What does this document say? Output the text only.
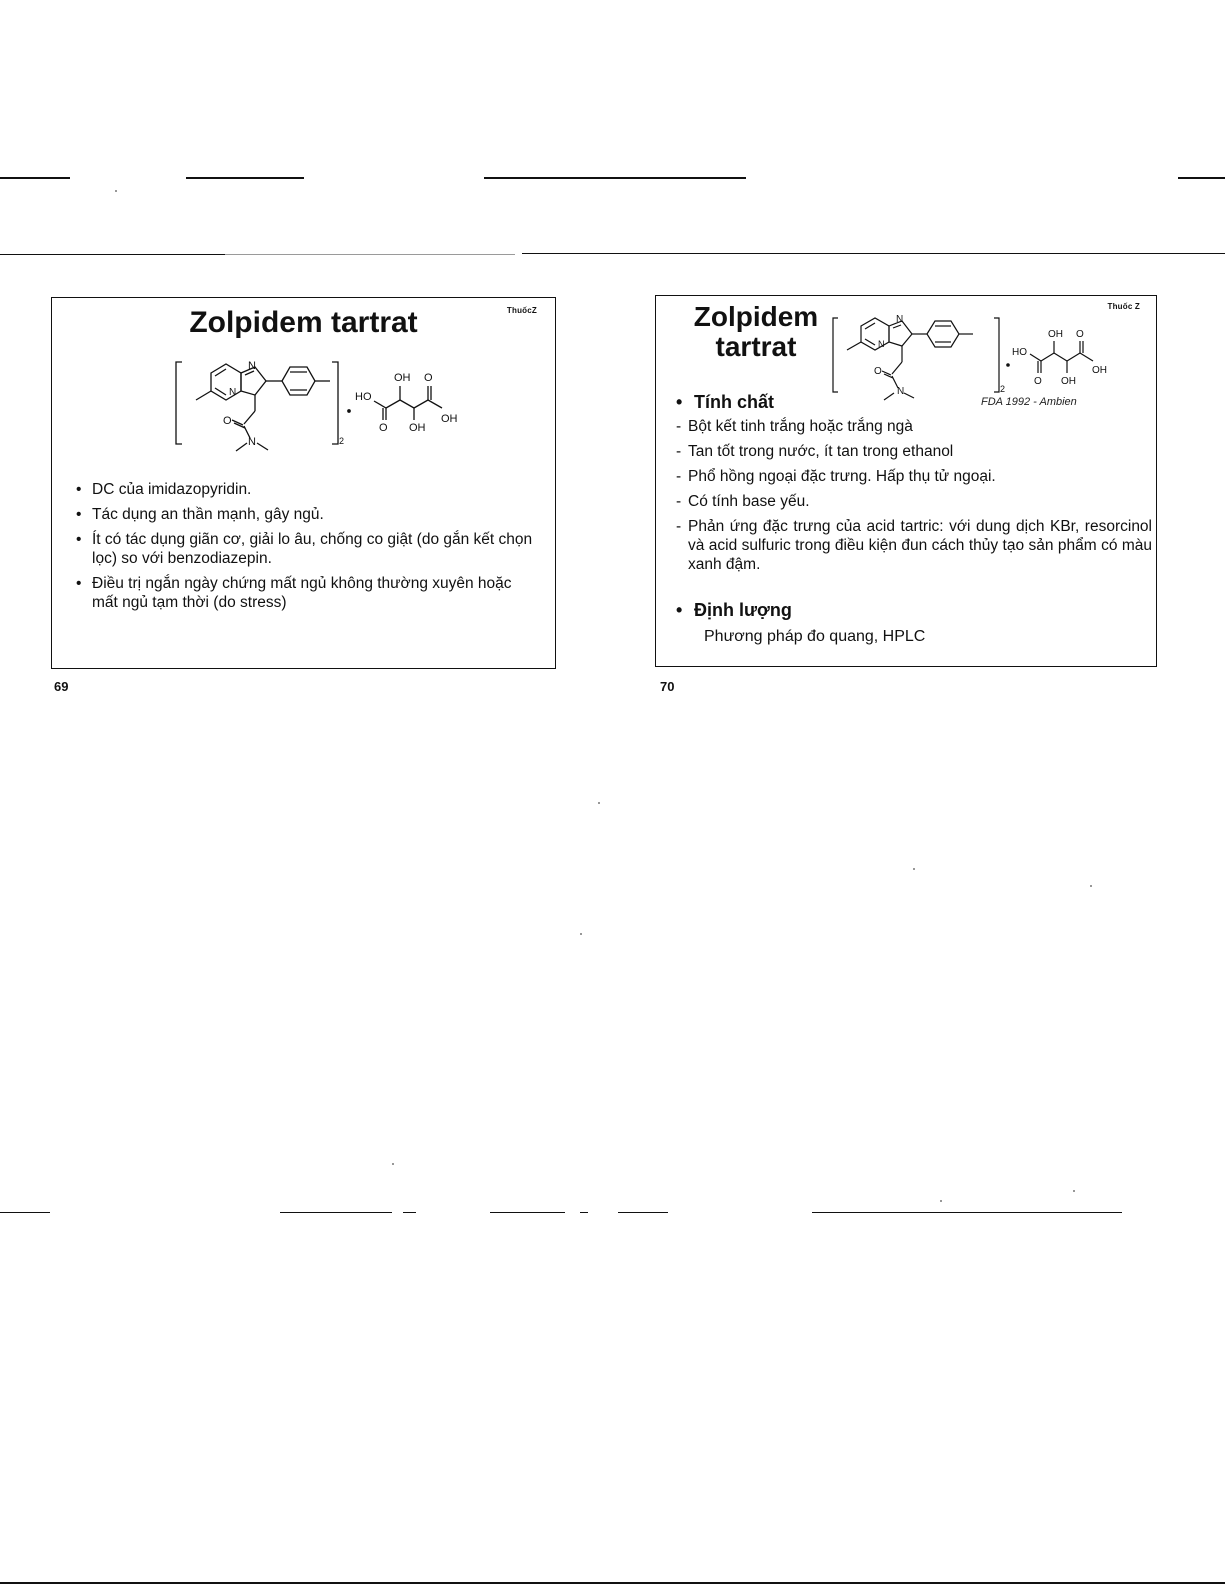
ThuốcZ
Zolpidem tartrat
N
N
O
N	2
OH O
HO
OH
O OH
• DC của imidazopyridin.
• Tác dụng an thần mạnh, gây ngủ.
• Ít có tác dụng giãn cơ, giải lo âu, chống co giật (do gắn kết chọn lọc) so với benzodiazepin.
• Điều trị ngắn ngày chứng mất ngủ không thường xuyên hoặc mất ngủ tạm thời (do stress)
69
Thuốc Z
Zolpidem
tartrat
N
N
O
N	2
OH O
HO
OH
O OH
FDA 1992 - Ambien
• Tính chất
- Bột kết tinh trắng hoặc trắng ngà
- Tan tốt trong nước, ít tan trong ethanol
- Phổ hồng ngoại đặc trưng. Hấp thụ tử ngoại.
- Có tính base yếu.
- Phản ứng đặc trưng của acid tartric: với dung dịch KBr, resorcinol và acid sulfuric trong điều kiện đun cách thủy tạo sản phẩm có màu xanh đậm.
• Định lượng
Phương pháp đo quang, HPLC
70
